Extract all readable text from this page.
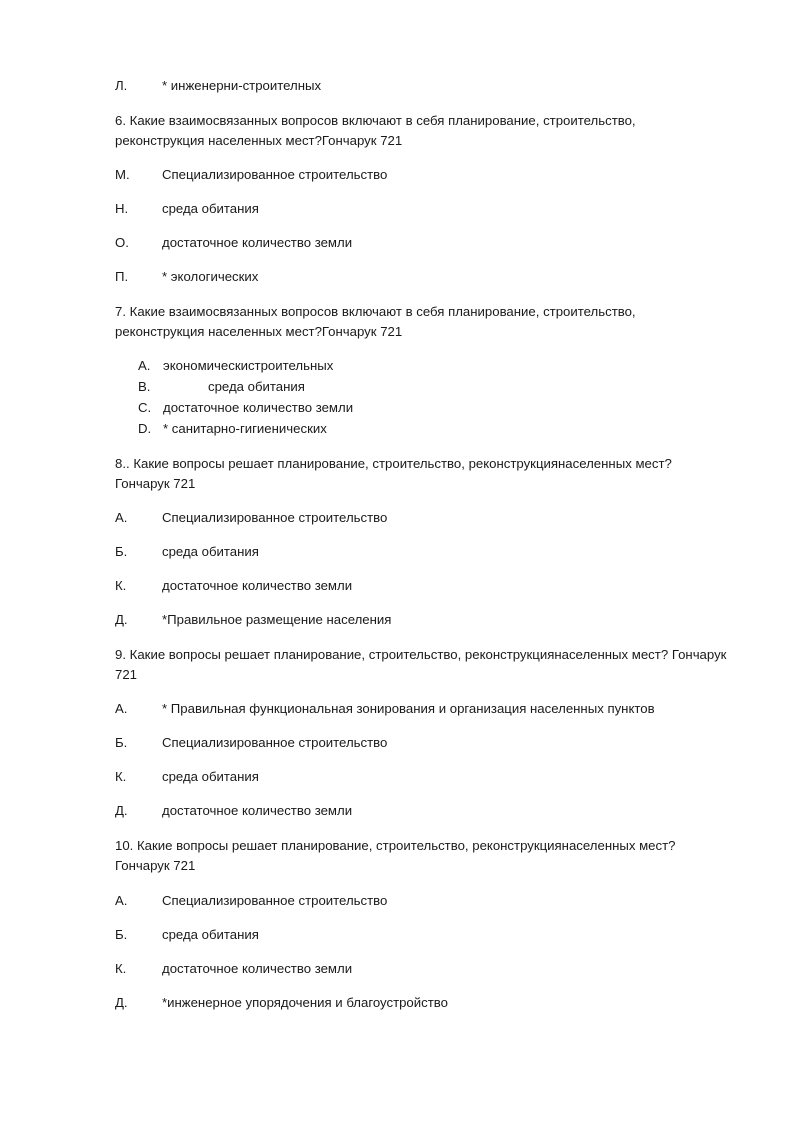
Л.	* инженерни-строителных
6. Какие взаимосвязанных вопросов включают в себя планирование, строительство,
реконструкция населенных мест?Гончарук 721
М. Специализированное строительство
Н.	среда обитания
О.	достаточное количество земли
П.	* экологических
7. Какие взаимосвязанных вопросов включают в себя планирование, строительство,
реконструкция населенных мест?Гончарук 721
A. экономическистроительных
B.	среда обитания
C. достаточное количество земли
D. * санитарно-гигиенических
8.. Какие вопросы решает планирование, строительство, реконструкциянаселенных мест?
Гончарук 721
А.	Специализированное строительство
Б.	среда обитания
К.	достаточное количество земли
Д.	*Правильное размещение населения
9. Какие вопросы решает планирование, строительство, реконструкциянаселенных мест? Гончарук
721
А.	* Правильная функциональная зонирования и организация населенных пунктов
Б.	Специализированное строительство
К.	среда обитания
Д.	достаточное количество земли
10. Какие вопросы решает планирование, строительство, реконструкциянаселенных мест?
Гончарук 721
А.	Специализированное строительство
Б.	среда обитания
К.	достаточное количество земли
Д.	*инженерное упорядочения и благоустройство
